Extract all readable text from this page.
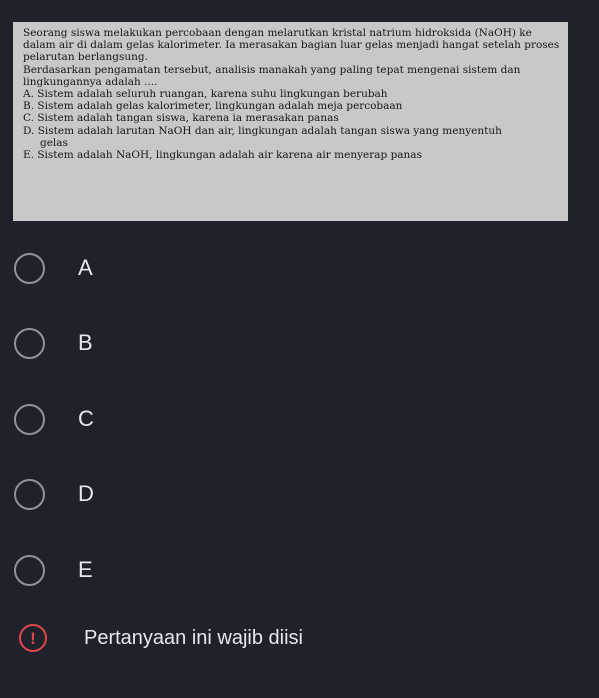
Seorang siswa melakukan percobaan dengan melarutkan kristal natrium hidroksida (NaOH) ke dalam air di dalam gelas kalorimeter. Ia merasakan bagian luar gelas menjadi hangat setelah proses pelarutan berlangsung.

Berdasarkan pengamatan tersebut, analisis manakah yang paling tepat mengenai sistem dan lingkungannya adalah ....

A. Sistem adalah seluruh ruangan, karena suhu lingkungan berubah

B. Sistem adalah gelas kalorimeter, lingkungan adalah meja percobaan

C. Sistem adalah tangan siswa, karena ia merasakan panas

D. Sistem adalah larutan NaOH dan air, lingkungan adalah tangan siswa yang menyentuh

gelas

E. Sistem adalah NaOH, lingkungan adalah air karena air menyerap panas

A
B
C
D
E
!	Pertanyaan ini wajib diisi
